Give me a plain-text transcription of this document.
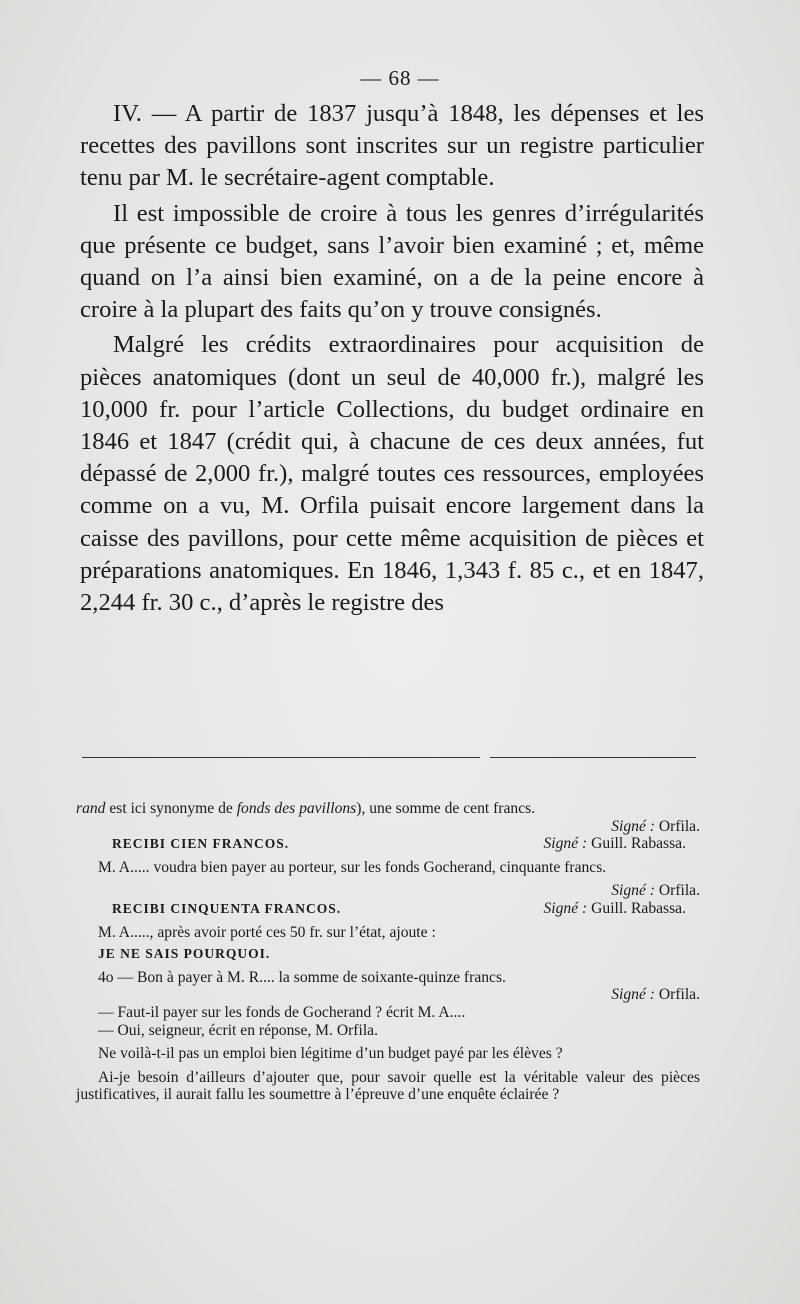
— 68 —

IV. — A partir de 1837 jusqu’à 1848, les dépenses et les recettes des pavillons sont inscrites sur un registre particulier tenu par M. le secrétaire-agent comptable.

Il est impossible de croire à tous les genres d’irrégularités que présente ce budget, sans l’avoir bien examiné ; et, même quand on l’a ainsi bien examiné, on a de la peine encore à croire à la plupart des faits qu’on y trouve consignés.

Malgré les crédits extraordinaires pour acquisition de pièces anatomiques (dont un seul de 40,000 fr.), malgré les 10,000 fr. pour l’article Collections, du budget ordinaire en 1846 et 1847 (crédit qui, à chacune de ces deux années, fut dépassé de 2,000 fr.), malgré toutes ces ressources, employées comme on a vu, M. Orfila puisait encore largement dans la caisse des pavillons, pour cette même acquisition de pièces et préparations anatomiques. En 1846, 1,343 f. 85 c., et en 1847, 2,244 fr. 30 c., d’après le registre des

rand est ici synonyme de fonds des pavillons), une somme de cent francs.

Signé : Orfila.

RECIBI CIEN FRANCOS.	Signé : Guill. Rabassa.

M. A..... voudra bien payer au porteur, sur les fonds Gocherand, cinquante francs.

Signé : Orfila.

RECIBI CINQUENTA FRANCOS.	Signé : Guill. Rabassa.

M. A....., après avoir porté ces 50 fr. sur l’état, ajoute :

JE NE SAIS POURQUOI.

4o — Bon à payer à M. R.... la somme de soixante-quinze francs.

Signé : Orfila.

— Faut-il payer sur les fonds de Gocherand ? écrit M. A....

— Oui, seigneur, écrit en réponse, M. Orfila.

Ne voilà-t-il pas un emploi bien légitime d’un budget payé par les élèves ?

Ai-je besoin d’ailleurs d’ajouter que, pour savoir quelle est la véritable valeur des pièces justificatives, il aurait fallu les soumettre à l’épreuve d’une enquête éclairée ?
